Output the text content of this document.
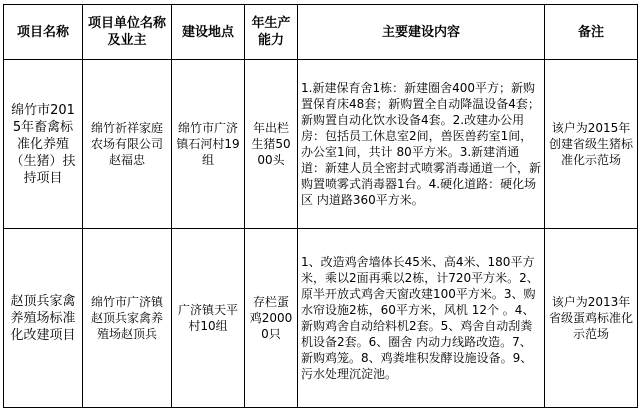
项目名称	项目单位名称及业主	建设地点	年生产能力	主要建设内容	备注
绵竹市2015年畜禽标准化养殖（生猪）扶持项目	绵竹祈祥家庭农场有限公司赵福忠	绵竹市广济镇石河村19组	年出栏生猪5000头	1.新建保育舍1栋：新建圈舍400平方；新购置保育床48套；新购置全自动降温设备4套；新购置自动化饮水设备4套。2.改建办公用房：包括员工休息室2间，兽医兽药室1间，办公室1间，共计 80平方米。3.新建消通道：新建人员全密封式喷雾消毒通道一个，新购置喷雾式消毒器1台。4.硬化道路：硬化场区 内道路360平方米。	该户为2015年创建省级生猪标准化示范场
赵顶兵家禽养殖场标准化改建项目	绵竹市广济镇赵顶兵家禽养殖场赵顶兵	广济镇天平村10组	存栏蛋鸡20000只	1、改造鸡舍墙体长45米、高4米、180平方米，乘以2面再乘以2栋，计720平方米。2、原半开放式鸡舍天窗改建100平方米。3、购水帘设施2栋，60平方米，风机 12个 。4、新购鸡舍自动给料机2套。5、鸡舍自动刮粪机设备2套。6、圈舍 内动力线路改造。7、新购鸡笼。8、鸡粪堆积发酵设施设备。9、污水处理沉淀池。	该户为2013年省级蛋鸡标准化示范场
